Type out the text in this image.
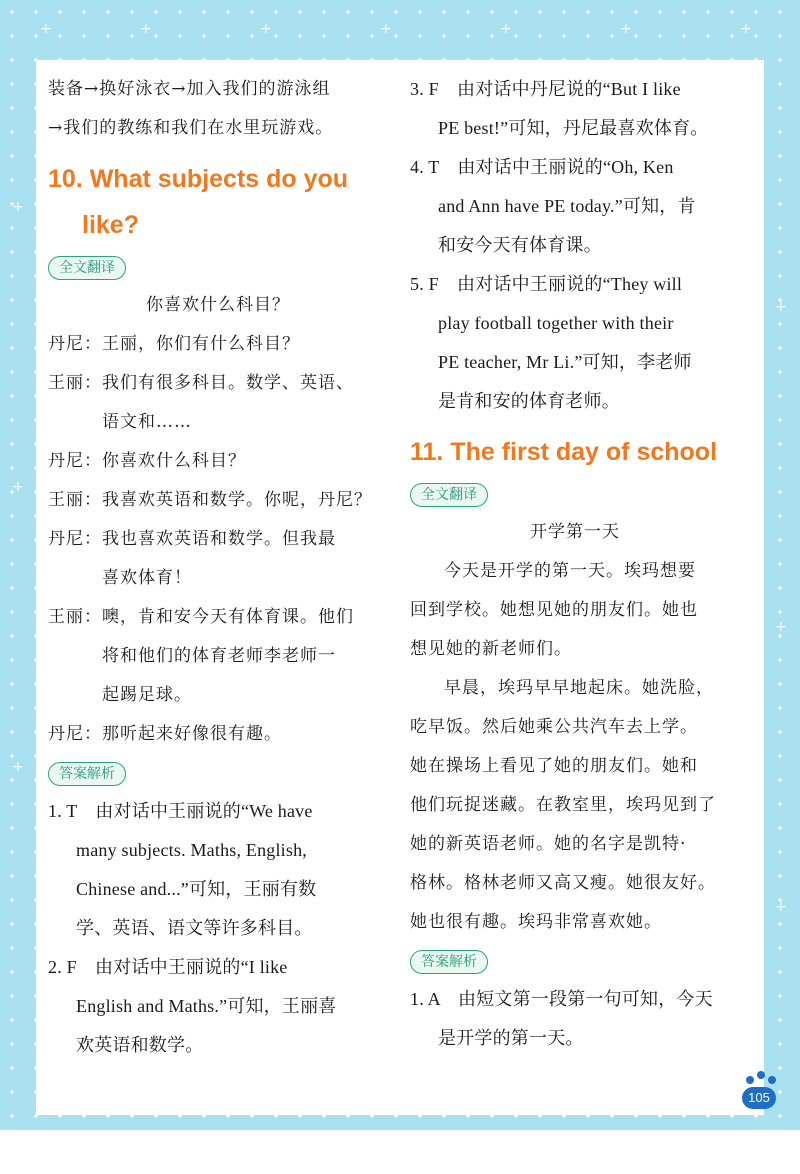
+	+	+	+	+	+	+
+
+
+
+
+
+

装备→换好泳衣→加入我们的游泳组

→我们的教练和我们在水里玩游戏。

10. What subjects do you

like?

全文翻译

你喜欢什么科目？

丹尼：王丽，你们有什么科目？

王丽：我们有很多科目。数学、英语、

语文和……

丹尼：你喜欢什么科目？

王丽：我喜欢英语和数学。你呢，丹尼？

丹尼：我也喜欢英语和数学。但我最

喜欢体育！

王丽：噢，肯和安今天有体育课。他们

将和他们的体育老师李老师一

起踢足球。

丹尼：那听起来好像很有趣。

答案解析

1. T　由对话中王丽说的“We have

many subjects. Maths, English,

Chinese and...”可知，王丽有数

学、英语、语文等许多科目。

2. F　由对话中王丽说的“I like

English and Maths.”可知，王丽喜

欢英语和数学。

3. F　由对话中丹尼说的“But I like

PE best!”可知，丹尼最喜欢体育。

4. T　由对话中王丽说的“Oh, Ken

and Ann have PE today.”可知，肯

和安今天有体育课。

5. F　由对话中王丽说的“They will

play football together with their

PE teacher, Mr Li.”可知，李老师

是肯和安的体育老师。

11. The first day of school

全文翻译

开学第一天

今天是开学的第一天。埃玛想要

回到学校。她想见她的朋友们。她也

想见她的新老师们。

早晨，埃玛早早地起床。她洗脸，

吃早饭。然后她乘公共汽车去上学。

她在操场上看见了她的朋友们。她和

他们玩捉迷藏。在教室里，埃玛见到了

她的新英语老师。她的名字是凯特·

格林。格林老师又高又瘦。她很友好。

她也很有趣。埃玛非常喜欢她。

答案解析

1. A　由短文第一段第一句可知，今天

是开学的第一天。

105
